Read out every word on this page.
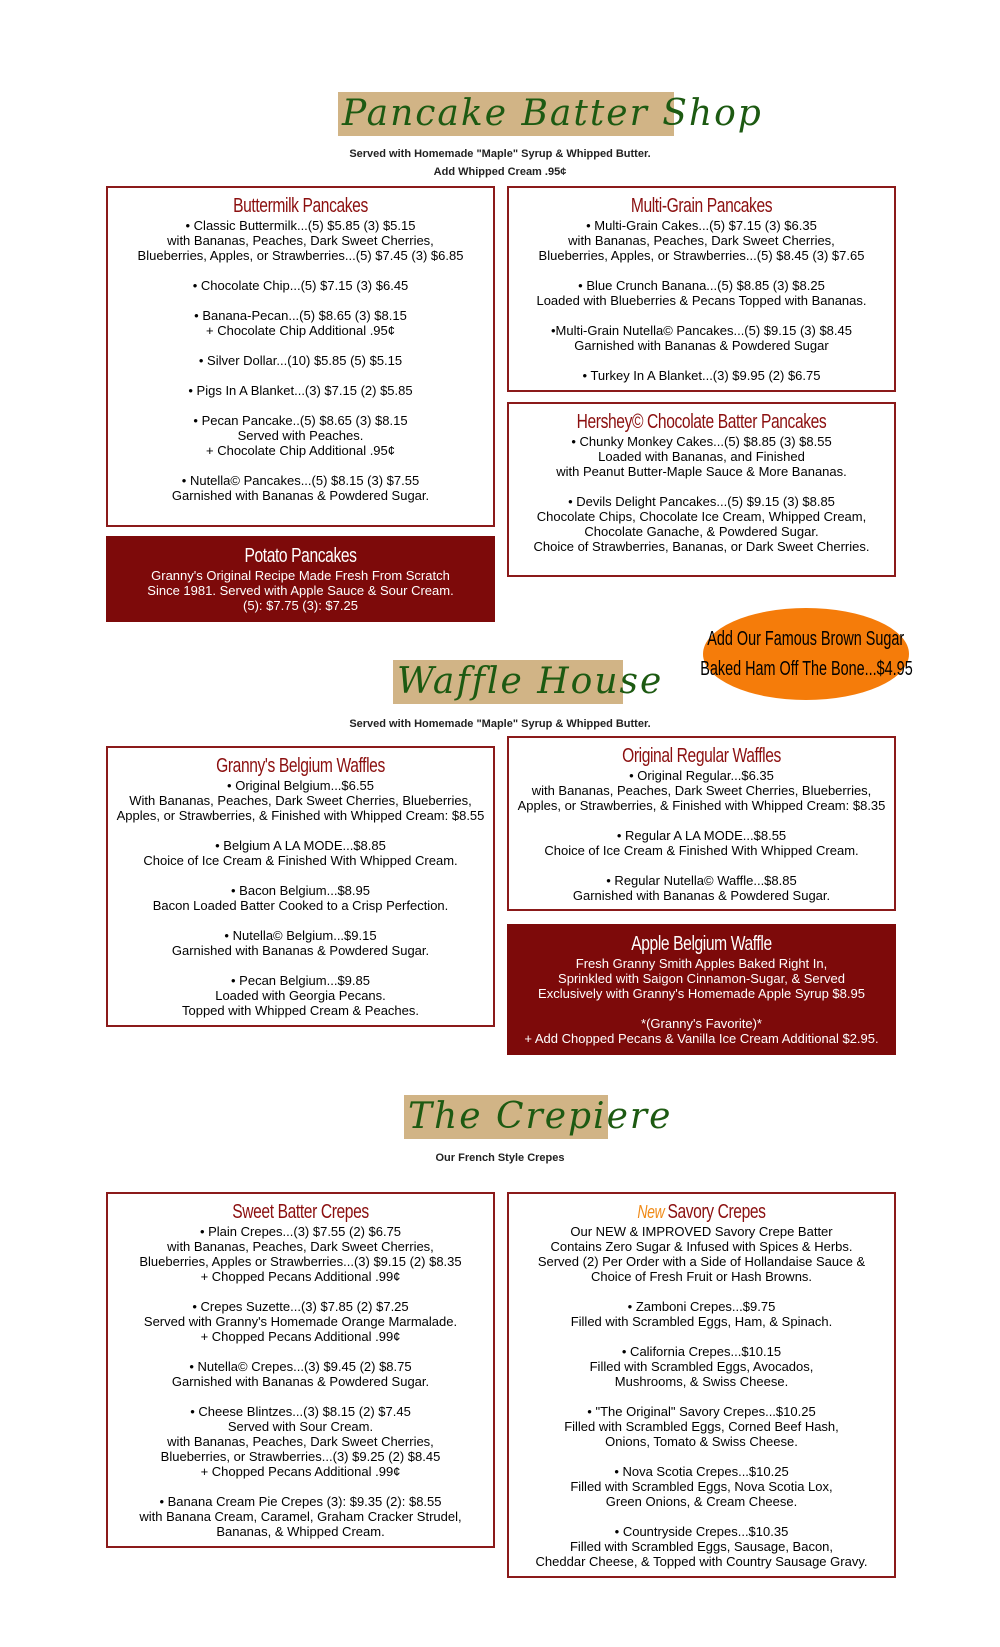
Pancake Batter Shop
Served with Homemade "Maple" Syrup & Whipped Butter.
Add Whipped Cream .95¢
Buttermilk Pancakes
• Classic Buttermilk...(5) $5.85 (3) $5.15
with Bananas, Peaches, Dark Sweet Cherries,
Blueberries, Apples, or Strawberries...(5) $7.45 (3) $6.85
• Chocolate Chip...(5) $7.15 (3) $6.45
• Banana-Pecan...(5) $8.65 (3) $8.15
+ Chocolate Chip Additional .95¢
• Silver Dollar...(10) $5.85 (5) $5.15
• Pigs In A Blanket...(3) $7.15 (2) $5.85
• Pecan Pancake..(5) $8.65 (3) $8.15
Served with Peaches.
+ Chocolate Chip Additional .95¢
• Nutella© Pancakes...(5) $8.15 (3) $7.55
Garnished with Bananas & Powdered Sugar.
Multi-Grain Pancakes
• Multi-Grain Cakes...(5) $7.15 (3) $6.35
with Bananas, Peaches, Dark Sweet Cherries,
Blueberries, Apples, or Strawberries...(5) $8.45 (3) $7.65
• Blue Crunch Banana...(5) $8.85 (3) $8.25
Loaded with Blueberries & Pecans Topped with Bananas.
•Multi-Grain Nutella© Pancakes...(5) $9.15 (3) $8.45
Garnished with Bananas & Powdered Sugar
• Turkey In A Blanket...(3) $9.95 (2) $6.75
Hershey© Chocolate Batter Pancakes
• Chunky Monkey Cakes...(5) $8.85 (3) $8.55
Loaded with Bananas, and Finished
with Peanut Butter-Maple Sauce & More Bananas.
• Devils Delight Pancakes...(5) $9.15 (3) $8.85
Chocolate Chips, Chocolate Ice Cream, Whipped Cream,
Chocolate Ganache, & Powdered Sugar.
Choice of Strawberries, Bananas, or Dark Sweet Cherries.
Potato Pancakes
Granny's Original Recipe Made Fresh From Scratch
Since 1981. Served with Apple Sauce & Sour Cream.
(5): $7.75 (3): $7.25
Add Our Famous Brown Sugar
Baked Ham Off The Bone...$4.95
Waffle House
Served with Homemade "Maple" Syrup & Whipped Butter.
Granny's Belgium Waffles
• Original Belgium...$6.55
With Bananas, Peaches, Dark Sweet Cherries, Blueberries,
Apples, or Strawberries, & Finished with Whipped Cream: $8.55
• Belgium A LA MODE...$8.85
Choice of Ice Cream & Finished With Whipped Cream.
• Bacon Belgium...$8.95
Bacon Loaded Batter Cooked to a Crisp Perfection.
• Nutella© Belgium...$9.15
Garnished with Bananas & Powdered Sugar.
• Pecan Belgium...$9.85
Loaded with Georgia Pecans.
Topped with Whipped Cream & Peaches.
Original Regular Waffles
• Original Regular...$6.35
with Bananas, Peaches, Dark Sweet Cherries, Blueberries,
Apples, or Strawberries, & Finished with Whipped Cream: $8.35
• Regular A LA MODE...$8.55
Choice of Ice Cream & Finished With Whipped Cream.
• Regular Nutella© Waffle...$8.85
Garnished with Bananas & Powdered Sugar.
Apple Belgium Waffle
Fresh Granny Smith Apples Baked Right In,
Sprinkled with Saigon Cinnamon-Sugar, & Served
Exclusively with Granny's Homemade Apple Syrup $8.95
*(Granny's Favorite)*
+ Add Chopped Pecans & Vanilla Ice Cream Additional $2.95.
The Crepiere
Our French Style Crepes
Sweet Batter Crepes
• Plain Crepes...(3) $7.55 (2) $6.75
with Bananas, Peaches, Dark Sweet Cherries,
Blueberries, Apples or Strawberries...(3) $9.15 (2) $8.35
+ Chopped Pecans Additional .99¢
• Crepes Suzette...(3) $7.85 (2) $7.25
Served with Granny's Homemade Orange Marmalade.
+ Chopped Pecans Additional .99¢
• Nutella© Crepes...(3) $9.45 (2) $8.75
Garnished with Bananas & Powdered Sugar.
• Cheese Blintzes...(3) $8.15 (2) $7.45
Served with Sour Cream.
with Bananas, Peaches, Dark Sweet Cherries,
Blueberries, or Strawberries...(3) $9.25 (2) $8.45
+ Chopped Pecans Additional .99¢
• Banana Cream Pie Crepes (3): $9.35 (2): $8.55
with Banana Cream, Caramel, Graham Cracker Strudel,
Bananas, & Whipped Cream.
New Savory Crepes
Our NEW & IMPROVED Savory Crepe Batter
Contains Zero Sugar & Infused with Spices & Herbs.
Served (2) Per Order with a Side of Hollandaise Sauce &
Choice of Fresh Fruit or Hash Browns.
• Zamboni Crepes...$9.75
Filled with Scrambled Eggs, Ham, & Spinach.
• California Crepes...$10.15
Filled with Scrambled Eggs, Avocados,
Mushrooms, & Swiss Cheese.
• "The Original" Savory Crepes...$10.25
Filled with Scrambled Eggs, Corned Beef Hash,
Onions, Tomato & Swiss Cheese.
• Nova Scotia Crepes...$10.25
Filled with Scrambled Eggs, Nova Scotia Lox,
Green Onions, & Cream Cheese.
• Countryside Crepes...$10.35
Filled with Scrambled Eggs, Sausage, Bacon,
Cheddar Cheese, & Topped with Country Sausage Gravy.
